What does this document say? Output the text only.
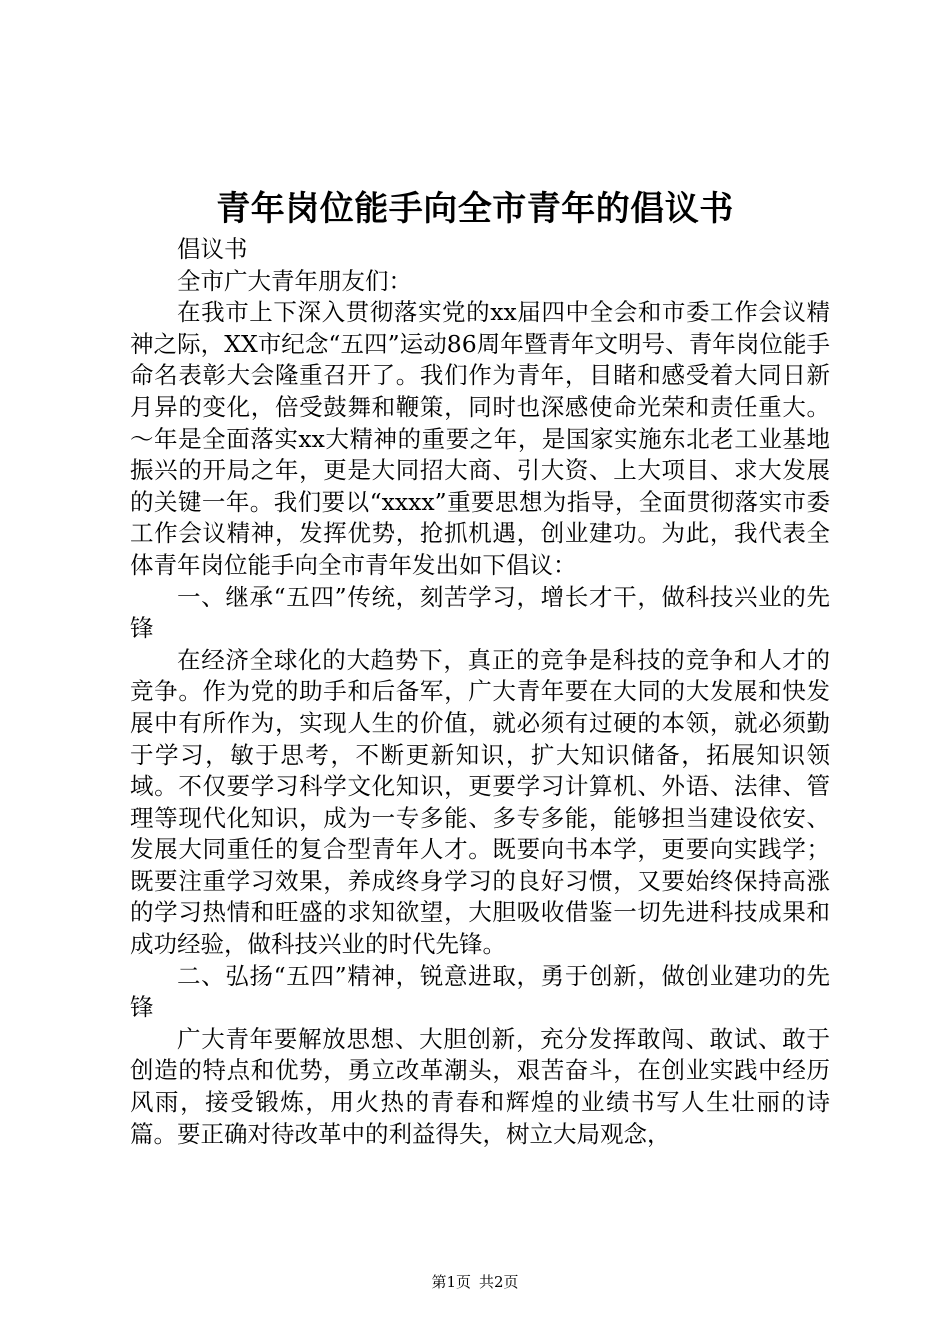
青年岗位能手向全市青年的倡议书

倡议书

全市广大青年朋友们：

在我市上下深入贯彻落实党的xx届四中全会和市委工作会议精神之际，XX市纪念“五四”运动86周年暨青年文明号、青年岗位能手命名表彰大会隆重召开了。我们作为青年，目睹和感受着大同日新月异的变化，倍受鼓舞和鞭策，同时也深感使命光荣和责任重大。～年是全面落实xx大精神的重要之年，是国家实施东北老工业基地振兴的开局之年，更是大同招大商、引大资、上大项目、求大发展的关键一年。我们要以“xxxx”重要思想为指导，全面贯彻落实市委工作会议精神，发挥优势，抢抓机遇，创业建功。为此，我代表全体青年岗位能手向全市青年发出如下倡议：

一、继承“五四”传统，刻苦学习，增长才干，做科技兴业的先锋

在经济全球化的大趋势下，真正的竞争是科技的竞争和人才的竞争。作为党的助手和后备军，广大青年要在大同的大发展和快发展中有所作为，实现人生的价值，就必须有过硬的本领，就必须勤于学习，敏于思考，不断更新知识，扩大知识储备，拓展知识领域。不仅要学习科学文化知识，更要学习计算机、外语、法律、管理等现代化知识，成为一专多能、多专多能，能够担当建设依安、发展大同重任的复合型青年人才。既要向书本学，更要向实践学；既要注重学习效果，养成终身学习的良好习惯，又要始终保持高涨的学习热情和旺盛的求知欲望，大胆吸收借鉴一切先进科技成果和成功经验，做科技兴业的时代先锋。

二、弘扬“五四”精神，锐意进取，勇于创新，做创业建功的先锋

广大青年要解放思想、大胆创新，充分发挥敢闯、敢试、敢于创造的特点和优势，勇立改革潮头，艰苦奋斗，在创业实践中经历风雨，接受锻炼，用火热的青春和辉煌的业绩书写人生壮丽的诗篇。要正确对待改革中的利益得失，树立大局观念，

第1页 共2页
